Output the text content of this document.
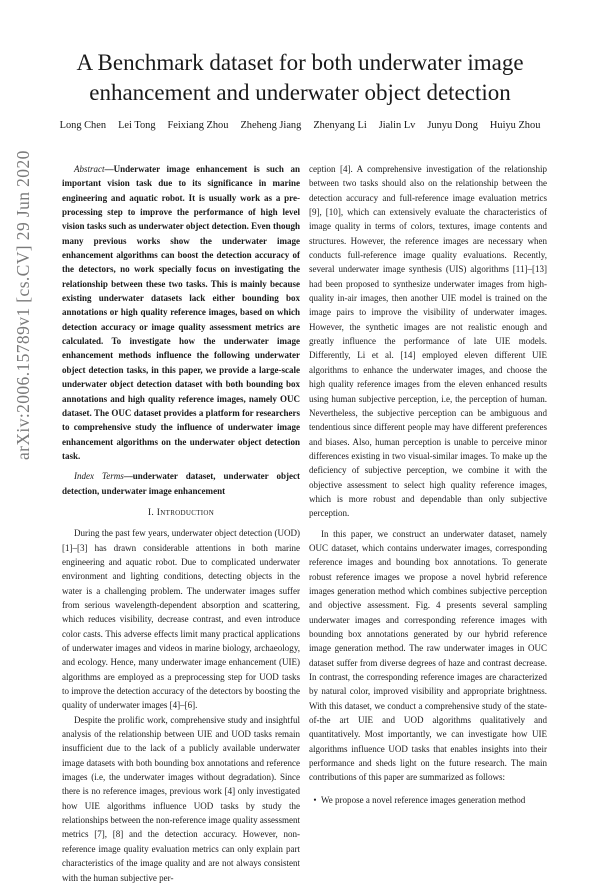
A Benchmark dataset for both underwater image
enhancement and underwater object detection
Long Chen Lei Tong Feixiang Zhou Zheheng Jiang Zhenyang Li Jialin Lv Junyu Dong Huiyu Zhou
arXiv:2006.15789v1 [cs.CV] 29 Jun 2020	Abstract—Underwater image enhancement is such an important vision task due to its significance in marine engineering and aquatic robot. It is usually work as a pre-processing step to improve the performance of high level vision tasks such as underwater object detection. Even though many previous works show the underwater image enhancement algorithms can boost the detection accuracy of the detectors, no work specially focus on investigating the relationship between these two tasks. This is mainly because existing underwater datasets lack either bounding box annotations or high quality reference images, based on which detection accuracy or image quality assessment metrics are calculated. To investigate how the underwater image enhancement methods influence the following underwater object detection tasks, in this paper, we provide a large-scale underwater object detection dataset with both bounding box annotations and high quality reference images, namely OUC dataset. The OUC dataset provides a platform for researchers to comprehensive study the influence of underwater image enhancement algorithms on the underwater object detection task.

Index Terms—underwater dataset, underwater object detection, underwater image enhancement

I. Introduction

During the past few years, underwater object detection (UOD) [1]–[3] has drawn considerable attentions in both marine engineering and aquatic robot. Due to complicated underwater environment and lighting conditions, detecting objects in the water is a challenging problem. The underwater images suffer from serious wavelength-dependent absorption and scattering, which reduces visibility, decrease contrast, and even introduce color casts. This adverse effects limit many practical applications of underwater images and videos in marine biology, archaeology, and ecology. Hence, many underwater image enhancement (UIE) algorithms are employed as a preprocessing step for UOD tasks to improve the detection accuracy of the detectors by boosting the quality of underwater images [4]–[6].

Despite the prolific work, comprehensive study and insightful analysis of the relationship between UIE and UOD tasks remain insufficient due to the lack of a publicly available underwater image datasets with both bounding box annotations and reference images (i.e, the underwater images without degradation). Since there is no reference images, previous work [4] only investigated how UIE algorithms influence UOD tasks by study the relationships between the non-reference image quality assessment metrics [7], [8] and the detection accuracy. However, non-reference image quality evaluation metrics can only explain part characteristics of the image quality and are not always consistent with the human subjective per-

ception [4]. A comprehensive investigation of the relationship between two tasks should also on the relationship between the detection accuracy and full-reference image evaluation metrics [9], [10], which can extensively evaluate the characteristics of image quality in terms of colors, textures, image contents and structures. However, the reference images are necessary when conducts full-reference image quality evaluations. Recently, several underwater image synthesis (UIS) algorithms [11]–[13] had been proposed to synthesize underwater images from high-quality in-air images, then another UIE model is trained on the image pairs to improve the visibility of underwater images. However, the synthetic images are not realistic enough and greatly influence the performance of late UIE models. Differently, Li et al. [14] employed eleven different UIE algorithms to enhance the underwater images, and choose the high quality reference images from the eleven enhanced results using human subjective perception, i.e, the perception of human. Nevertheless, the subjective perception can be ambiguous and tendentious since different people may have different preferences and biases. Also, human perception is unable to perceive minor differences existing in two visual-similar images. To make up the deficiency of subjective perception, we combine it with the objective assessment to select high quality reference images, which is more robust and dependable than only subjective perception.

In this paper, we construct an underwater dataset, namely OUC dataset, which contains underwater images, corresponding reference images and bounding box annotations. To generate robust reference images we propose a novel hybrid reference images generation method which combines subjective perception and objective assessment. Fig. 4 presents several sampling underwater images and corresponding reference images with bounding box annotations generated by our hybrid reference image generation method. The raw underwater images in OUC dataset suffer from diverse degrees of haze and contrast decrease. In contrast, the corresponding reference images are characterized by natural color, improved visibility and appropriate brightness. With this dataset, we conduct a comprehensive study of the state-of-the art UIE and UOD algorithms qualitatively and quantitatively. Most importantly, we can investigate how UIE algorithms influence UOD tasks that enables insights into their performance and sheds light on the future research. The main contributions of this paper are summarized as follows:

• We propose a novel reference images generation method
